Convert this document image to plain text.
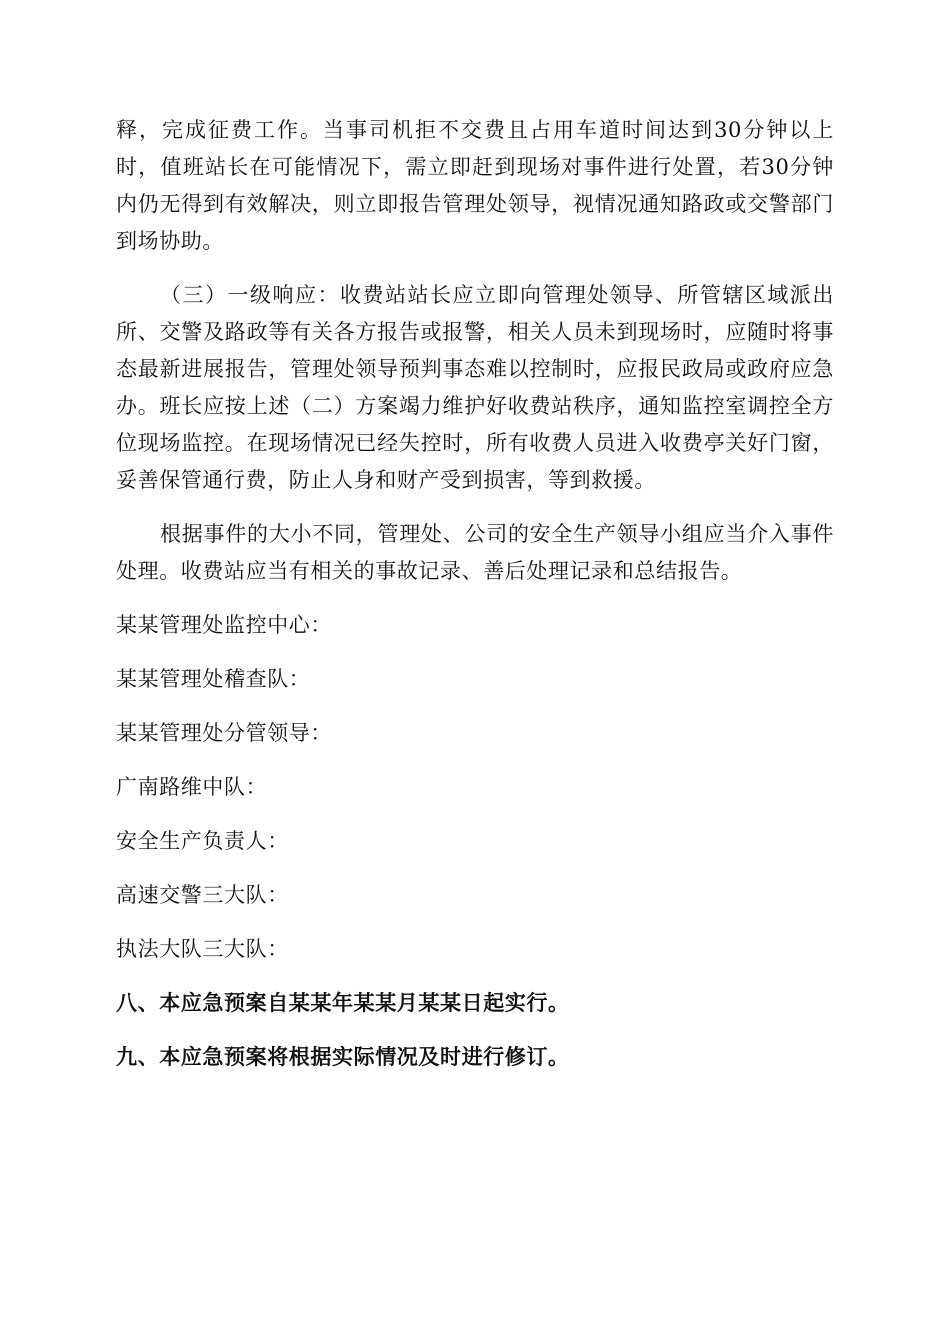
释，完成征费工作。当事司机拒不交费且占用车道时间达到30分钟以上时，值班站长在可能情况下，需立即赶到现场对事件进行处置，若30分钟内仍无得到有效解决，则立即报告管理处领导，视情况通知路政或交警部门到场协助。

（三）一级响应：收费站站长应立即向管理处领导、所管辖区域派出所、交警及路政等有关各方报告或报警，相关人员未到现场时，应随时将事态最新进展报告，管理处领导预判事态难以控制时，应报民政局或政府应急办。班长应按上述（二）方案竭力维护好收费站秩序，通知监控室调控全方位现场监控。在现场情况已经失控时，所有收费人员进入收费亭关好门窗，妥善保管通行费，防止人身和财产受到损害，等到救援。

根据事件的大小不同，管理处、公司的安全生产领导小组应当介入事件处理。收费站应当有相关的事故记录、善后处理记录和总结报告。

某某管理处监控中心：

某某管理处稽查队：

某某管理处分管领导：

广南路维中队：

安全生产负责人：

高速交警三大队：

执法大队三大队：

八、本应急预案自某某年某某月某某日起实行。

九、本应急预案将根据实际情况及时进行修订。
